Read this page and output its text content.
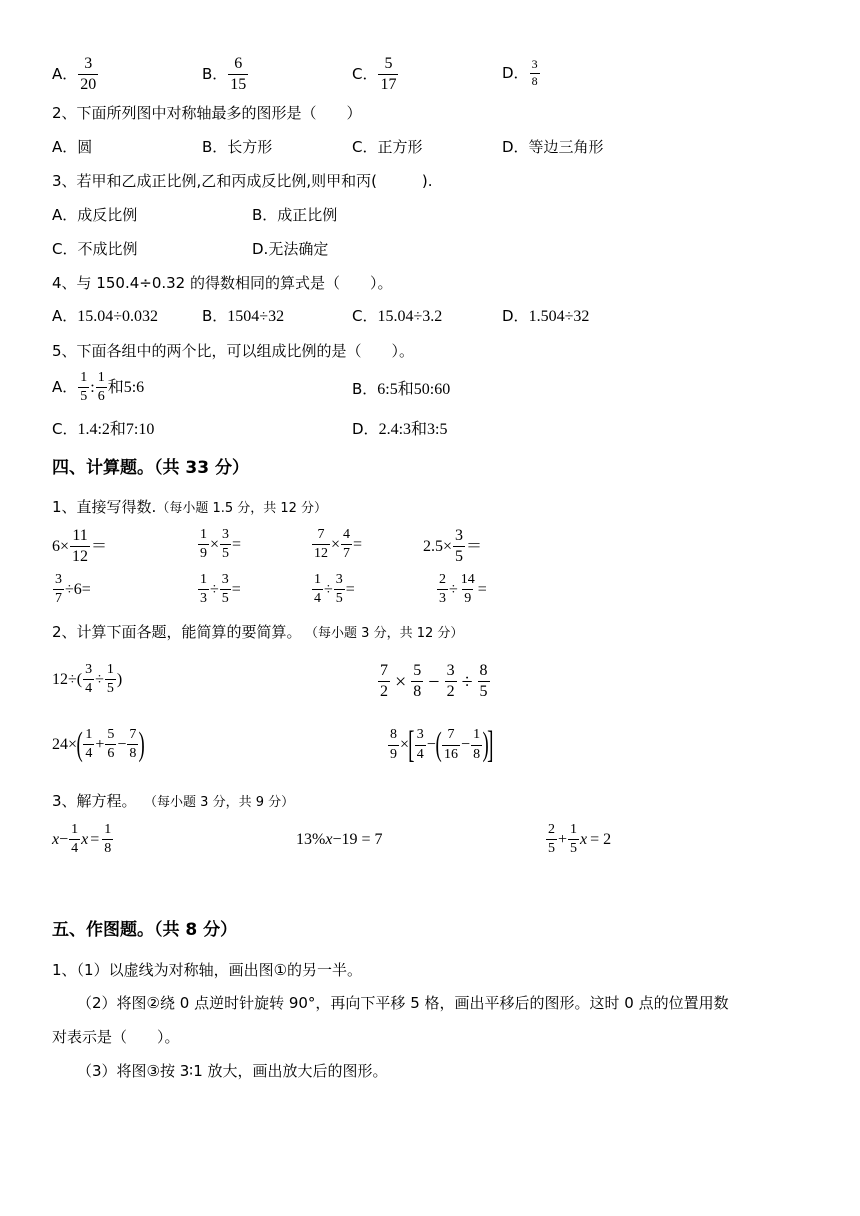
A． $\frac{3}{20}$	B． $\frac{6}{15}$	C． $\frac{5}{17}$	D． $\frac{3}{8}$
2、下面所列图中对称轴最多的图形是（　　）
A．圆	B．长方形	C．正方形	D．等边三角形
3、若甲和乙成正比例,乙和丙成反比例,则甲和丙(　　　).
A．成反比例	B．成正比例
C．不成比例	D.无法确定
4、与 150.4÷0.32 的得数相同的算式是（　　）。
A．15.04÷0.032	B．1504÷32	C．15.04÷3.2	D．1.504÷32
5、下面各组中的两个比，可以组成比例的是（　　）。
A． $\frac{1}{5}$ : $\frac{1}{6}$ 和5:6	B．6:5和50:60
C．1.4:2和7:10	D．2.4:3和3:5
四、计算题。（共 33 分）
1、直接写得数.（每小题 1.5 分，共 12 分）
$6\times \frac{11}{12}$ ＝	$\frac{1}{9} \times \frac{3}{5}$ =	$\frac{7}{12} \times \frac{4}{7}$ =	$2.5\times \frac{3}{5}$ ＝
$\frac{3}{7} \div 6=$	$\frac{1}{3} \div \frac{3}{5}$ =	$\frac{1}{4} \div \frac{3}{5}$ =	$\frac{2}{3} \div \frac{14}{9}$ =
2、计算下面各题，能简算的要简算。 （每小题 3 分，共 12 分）
$12\div( \frac{3}{4} \div \frac{1}{5}$ )	$\frac{7}{2} \times \frac{5}{8} - \frac{3}{2} \div \frac{8}{5}$
24× ( $\frac{1}{4} + \frac{5}{6} - \frac{7}{8}$ )	$\frac{8}{9}$ × [ $\frac{3}{4}$ − ( $\frac{7}{16} - \frac{1}{8}$ )
]
3、解方程。 （每小题 3 分，共 9 分）
$x - \frac{1}{4}$ $x = \frac{1}{8}$	13%x−19 = 7	$\frac{2}{5} + \frac{1}{5}$ x = 2
五、作图题。（共 8 分）
1、（1）以虚线为对称轴，画出图①的另一半。
（2）将图②绕 0 点逆时针旋转 90°，再向下平移 5 格，画出平移后的图形。这时 0 点的位置用数
对表示是（　　）。
（3）将图③按 3∶1 放大，画出放大后的图形。
